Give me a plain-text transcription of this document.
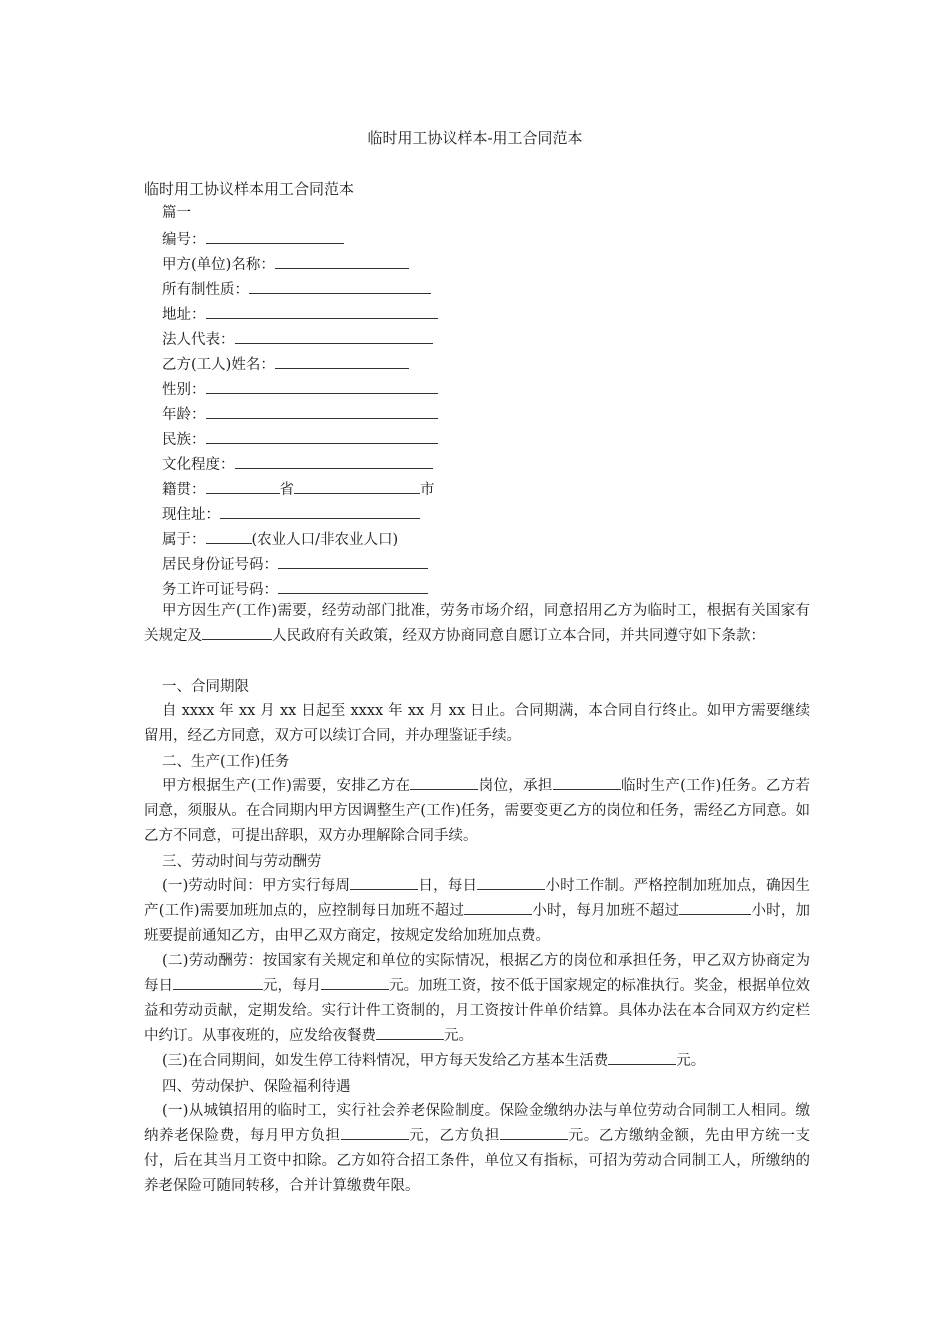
临时用工协议样本-用工合同范本
临时用工协议样本用工合同范本
篇一
编号：
甲方(单位)名称：
所有制性质：
地址：
法人代表：
乙方(工人)姓名：
性别：
年龄：
民族：
文化程度：
籍贯：	省	市
现住址：
属于：	(农业人口/非农业人口)
居民身份证号码：
务工许可证号码：
甲方因生产(工作)需要，经劳动部门批准，劳务市场介绍，同意招用乙方为临时工，根据有关国家有关规定及	人民政府有关政策，经双方协商同意自愿订立本合同，并共同遵守如下条款：
一、合同期限
自 xxxx 年 xx 月 xx 日起至 xxxx 年 xx 月 xx 日止。合同期满，本合同自行终止。如甲方需要继续留用，经乙方同意，双方可以续订合同，并办理鉴证手续。
二、生产(工作)任务
甲方根据生产(工作)需要，安排乙方在	岗位，承担	临时生产(工作)任务。乙方若同意，须服从。在合同期内甲方因调整生产(工作)任务，需要变更乙方的岗位和任务，需经乙方同意。如乙方不同意，可提出辞职，双方办理解除合同手续。
三、劳动时间与劳动酬劳
(一)劳动时间：甲方实行每周	日，每日	小时工作制。严格控制加班加点，确因生产(工作)需要加班加点的，应控制每日加班不超过	小时，每月加班不超过	小时，加班要提前通知乙方，由甲乙双方商定，按规定发给加班加点费。
(二)劳动酬劳：按国家有关规定和单位的实际情况，根据乙方的岗位和承担任务，甲乙双方协商定为每日	元，每月	元。加班工资，按不低于国家规定的标准执行。奖金，根据单位效益和劳动贡献，定期发给。实行计件工资制的，月工资按计件单价结算。具体办法在本合同双方约定栏中约订。从事夜班的，应发给夜餐费	元。
(三)在合同期间，如发生停工待料情况，甲方每天发给乙方基本生活费	元。
四、劳动保护、保险福利待遇
(一)从城镇招用的临时工，实行社会养老保险制度。保险金缴纳办法与单位劳动合同制工人相同。缴纳养老保险费，每月甲方负担	元，乙方负担	元。乙方缴纳金额，先由甲方统一支付，后在其当月工资中扣除。乙方如符合招工条件，单位又有指标，可招为劳动合同制工人，所缴纳的养老保险可随同转移，合并计算缴费年限。
